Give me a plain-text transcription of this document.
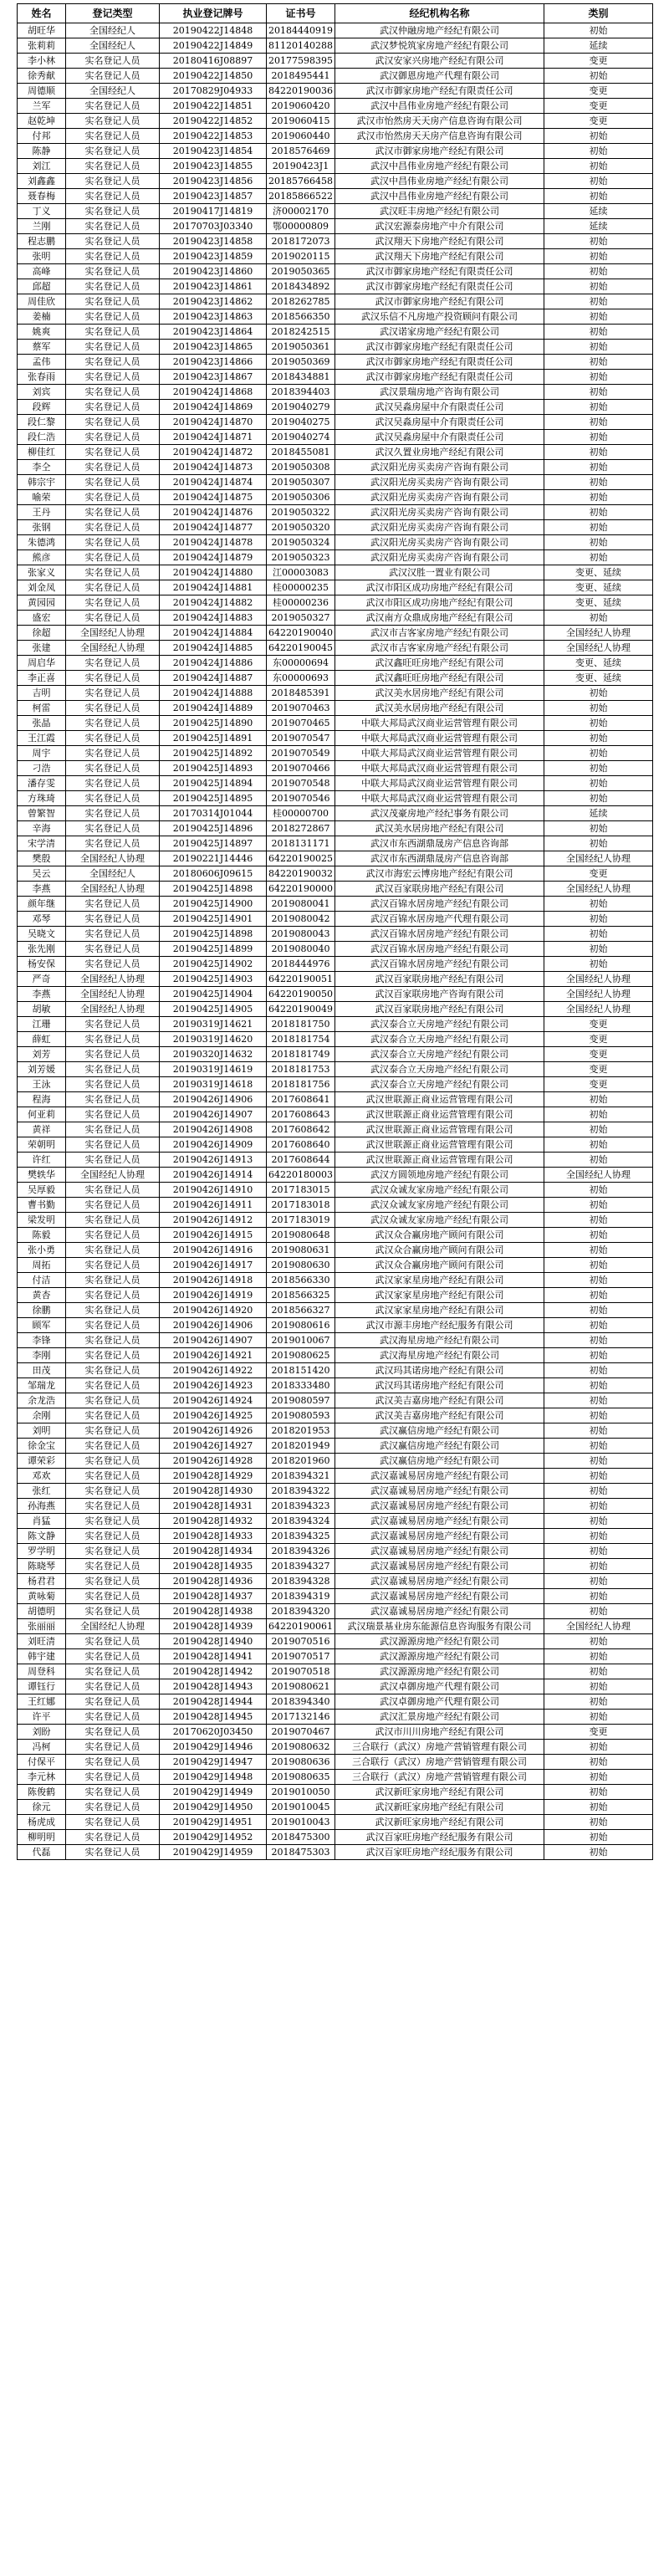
姓名	登记类型	执业登记牌号	证书号	经纪机构名称	类别
胡旺华	全国经纪人	20190422J14848	20184440919	武汉仲融房地产经纪有限公司	初始
张莉莉	全国经纪人	20190422J14849	81120140288	武汉梦悦筑家房地产经纪有限公司	延续
李小林	实名登记人员	20180416J08897	20177598395	武汉安家兴房地产经纪有限公司	变更
徐秀献	实名登记人员	20190422J14850	2018495441	武汉御恩房地产代理有限公司	初始
周德顺	全国经纪人	20170829J04933	84220190036	武汉市御家房地产经纪有限责任公司	变更
兰军	实名登记人员	20190422J14851	2019060420	武汉中昌伟业房地产经纪有限公司	变更
赵乾坤	实名登记人员	20190422J14852	2019060415	武汉市怡然房天天房产信息咨询有限公司	变更
付邦	实名登记人员	20190422J14853	2019060440	武汉市怡然房天天房产信息咨询有限公司	初始
陈静	实名登记人员	20190423J14854	2018576469	武汉市御家房地产经纪有限公司	初始
刘江	实名登记人员	20190423J14855	20190423J1	武汉中昌伟业房地产经纪有限公司	初始
刘鑫鑫	实名登记人员	20190423J14856	20185766458	武汉中昌伟业房地产经纪有限公司	初始
聂春梅	实名登记人员	20190423J14857	20185866522	武汉中昌伟业房地产经纪有限公司	初始
丁义	实名登记人员	20190417J14819	济00002170	武汉旺丰房地产经纪有限公司	延续
兰刚	实名登记人员	20170703J03340	鄂00000809	武汉宏源泰房地产中介有限公司	延续
程志鹏	实名登记人员	20190423J14858	2018172073	武汉翔天下房地产经纪有限公司	初始
张明	实名登记人员	20190423J14859	2019020115	武汉翔天下房地产经纪有限公司	初始
高峰	实名登记人员	20190423J14860	2019050365	武汉市御家房地产经纪有限责任公司	初始
邱超	实名登记人员	20190423J14861	2018434892	武汉市御家房地产经纪有限责任公司	初始
周佳欣	实名登记人员	20190423J14862	2018262785	武汉市御家房地产经纪有限公司	初始
姜楠	实名登记人员	20190423J14863	2018566350	武汉乐信不凡房地产投资顾问有限公司	初始
姚爽	实名登记人员	20190423J14864	2018242515	武汉诺家房地产经纪有限公司	初始
蔡军	实名登记人员	20190423J14865	2019050361	武汉市御家房地产经纪有限责任公司	初始
孟伟	实名登记人员	20190423J14866	2019050369	武汉市御家房地产经纪有限责任公司	初始
张春雨	实名登记人员	20190423J14867	2018434881	武汉市御家房地产经纪有限责任公司	初始
刘宾	实名登记人员	20190424J14868	2018394403	武汉景瑞房地产咨询有限公司	初始
段辉	实名登记人员	20190424J14869	2019040279	武汉吴淼房屋中介有限责任公司	初始
段仁黎	实名登记人员	20190424J14870	2019040275	武汉吴淼房屋中介有限责任公司	初始
段仁浩	实名登记人员	20190424J14871	2019040274	武汉吴淼房屋中介有限责任公司	初始
柳佳红	实名登记人员	20190424J14872	2018455081	武汉久置业房地产经纪有限公司	初始
李仝	实名登记人员	20190424J14873	2019050308	武汉阳光房买卖房产咨询有限公司	初始
韩宗宇	实名登记人员	20190424J14874	2019050307	武汉阳光房买卖房产咨询有限公司	初始
喻荣	实名登记人员	20190424J14875	2019050306	武汉阳光房买卖房产咨询有限公司	初始
王丹	实名登记人员	20190424J14876	2019050322	武汉阳光房买卖房产咨询有限公司	初始
张钢	实名登记人员	20190424J14877	2019050320	武汉阳光房买卖房产咨询有限公司	初始
朱德鸿	实名登记人员	20190424J14878	2019050324	武汉阳光房买卖房产咨询有限公司	初始
熊彦	实名登记人员	20190424J14879	2019050323	武汉阳光房买卖房产咨询有限公司	初始
张家义	实名登记人员	20190424J14880	江00003083	武汉汉胜一置业有限公司	变更、延续
刘金凤	实名登记人员	20190424J14881	桂00000235	武汉市阳区成功房地产经纪有限公司	变更、延续
黄园园	实名登记人员	20190424J14882	桂00000236	武汉市阳区成功房地产经纪有限公司	变更、延续
盛宏	实名登记人员	20190424J14883	2019050327	武汉南方众鼎成房地产经纪有限公司	初始
徐超	全国经纪人协理	20190424J14884	64220190040	武汉市吉客家房地产经纪有限公司	全国经纪人协理
张建	全国经纪人协理	20190424J14885	64220190045	武汉市吉客家房地产经纪有限公司	全国经纪人协理
周启华	实名登记人员	20190424J14886	东00000694	武汉鑫旺旺房地产经纪有限公司	变更、延续
李正喜	实名登记人员	20190424J14887	东00000693	武汉鑫旺旺房地产经纪有限公司	变更、延续
吉明	实名登记人员	20190424J14888	2018485391	武汉美水居房地产经纪有限公司	初始
柯雷	实名登记人员	20190424J14889	2019070463	武汉美水居房地产经纪有限公司	初始
张晶	实名登记人员	20190425J14890	2019070465	中联大邦局武汉商业运营管理有限公司	初始
王江霞	实名登记人员	20190425J14891	2019070547	中联大邦局武汉商业运营管理有限公司	初始
周宇	实名登记人员	20190425J14892	2019070549	中联大邦局武汉商业运营管理有限公司	初始
刁浩	实名登记人员	20190425J14893	2019070466	中联大邦局武汉商业运营管理有限公司	初始
潘存雯	实名登记人员	20190425J14894	2019070548	中联大邦局武汉商业运营管理有限公司	初始
方珠琦	实名登记人员	20190425J14895	2019070546	中联大邦局武汉商业运营管理有限公司	初始
曾繁智	实名登记人员	20170314J01044	桂00000700	武汉茂豪房地产经纪事务有限公司	延续
辛海	实名登记人员	20190425J14896	2018272867	武汉美水居房地产经纪有限公司	初始
宋学清	实名登记人员	20190425J14897	2018131171	武汉市东西湖鼎晟房产信息咨询部	初始
樊殷	全国经纪人协理	20190221J14446	64220190025	武汉市东西湖鼎晟房产信息咨询部	全国经纪人协理
吴云	全国经纪人	20180606J09615	84220190032	武汉市海宏云博房地产经纪有限公司	变更
李燕	全国经纪人协理	20190425J14898	64220190000	武汉百家联房地产经纪有限公司	全国经纪人协理
颜年继	实名登记人员	20190425J14900	2019080041	武汉百锦水居房地产经纪有限公司	初始
邓琴	实名登记人员	20190425J14901	2019080042	武汉百锦水居房地产代理有限公司	初始
吴晓文	实名登记人员	20190425J14898	2019080043	武汉百锦水居房地产经纪有限公司	初始
张先刚	实名登记人员	20190425J14899	2019080040	武汉百锦水居房地产经纪有限公司	初始
杨安保	实名登记人员	20190425J14902	2018444976	武汉百锦水居房地产经纪有限公司	初始
严奇	全国经纪人协理	20190425J14903	64220190051	武汉百家联房地产经纪有限公司	全国经纪人协理
李燕	全国经纪人协理	20190425J14904	64220190050	武汉百家联房地产咨询有限公司	全国经纪人协理
胡敏	全国经纪人协理	20190425J14905	64220190049	武汉百家联房地产经纪有限公司	全国经纪人协理
江珊	实名登记人员	20190319J14621	2018181750	武汉泰合立天房地产经纪有限公司	变更
薛虹	实名登记人员	20190319J14620	2018181754	武汉泰合立天房地产经纪有限公司	变更
刘芳	实名登记人员	20190320J14632	2018181749	武汉泰合立天房地产经纪有限公司	变更
刘芳媛	实名登记人员	20190319J14619	2018181753	武汉泰合立天房地产经纪有限公司	变更
王泳	实名登记人员	20190319J14618	2018181756	武汉泰合立天房地产经纪有限公司	变更
程海	实名登记人员	20190426J14906	2017608641	武汉世联源正商业运营管理有限公司	初始
何亚莉	实名登记人员	20190426J14907	2017608643	武汉世联源正商业运营管理有限公司	初始
黄祥	实名登记人员	20190426J14908	2017608642	武汉世联源正商业运营管理有限公司	初始
荣朝明	实名登记人员	20190426J14909	2017608640	武汉世联源正商业运营管理有限公司	初始
许红	实名登记人员	20190426J14913	2017608644	武汉世联源正商业运营管理有限公司	初始
樊轶华	全国经纪人协理	20190426J14914	64220180003	武汉方圆领地房地产经纪有限公司	全国经纪人协理
吴厚毅	实名登记人员	20190426J14910	2017183015	武汉众诚友家房地产经纪有限公司	初始
曹书勤	实名登记人员	20190426J14911	2017183018	武汉众诚友家房地产经纪有限公司	初始
梁发明	实名登记人员	20190426J14912	2017183019	武汉众诚友家房地产经纪有限公司	初始
陈毅	实名登记人员	20190426J14915	2019080648	武汉众合赢房地产顾问有限公司	初始
张小勇	实名登记人员	20190426J14916	2019080631	武汉众合赢房地产顾问有限公司	初始
周拓	实名登记人员	20190426J14917	2019080630	武汉众合赢房地产顾问有限公司	初始
付洁	实名登记人员	20190426J14918	2018566330	武汉家家星房地产经纪有限公司	初始
黄杏	实名登记人员	20190426J14919	2018566325	武汉家家星房地产经纪有限公司	初始
徐鹏	实名登记人员	20190426J14920	2018566327	武汉家家星房地产经纪有限公司	初始
顾军	实名登记人员	20190426J14906	2019080616	武汉市源丰房地产经纪服务有限公司	初始
李锋	实名登记人员	20190426J14907	2019010067	武汉海星房地产经纪有限公司	初始
李刚	实名登记人员	20190426J14921	2019080625	武汉海星房地产经纪有限公司	初始
田茂	实名登记人员	20190426J14922	2018151420	武汉玛其诺房地产经纪有限公司	初始
邹瑞龙	实名登记人员	20190426J14923	2018333480	武汉玛其诺房地产经纪有限公司	初始
余龙浩	实名登记人员	20190426J14924	2019080597	武汉美吉嘉房地产经纪有限公司	初始
余刚	实名登记人员	20190426J14925	2019080593	武汉美吉嘉房地产经纪有限公司	初始
刘明	实名登记人员	20190426J14926	2018201953	武汉赢信房地产经纪有限公司	初始
徐金宝	实名登记人员	20190426J14927	2018201949	武汉赢信房地产经纪有限公司	初始
谭荣彩	实名登记人员	20190426J14928	2018201960	武汉赢信房地产经纪有限公司	初始
邓欢	实名登记人员	20190428J14929	2018394321	武汉嘉诚易居房地产经纪有限公司	初始
张红	实名登记人员	20190428J14930	2018394322	武汉嘉诚易居房地产经纪有限公司	初始
孙海燕	实名登记人员	20190428J14931	2018394323	武汉嘉诚易居房地产经纪有限公司	初始
肖猛	实名登记人员	20190428J14932	2018394324	武汉嘉诚易居房地产经纪有限公司	初始
陈文静	实名登记人员	20190428J14933	2018394325	武汉嘉诚易居房地产经纪有限公司	初始
罗学明	实名登记人员	20190428J14934	2018394326	武汉嘉诚易居房地产经纪有限公司	初始
陈晓琴	实名登记人员	20190428J14935	2018394327	武汉嘉诚易居房地产经纪有限公司	初始
杨君君	实名登记人员	20190428J14936	2018394328	武汉嘉诚易居房地产经纪有限公司	初始
黄咏菊	实名登记人员	20190428J14937	2018394319	武汉嘉诚易居房地产经纪有限公司	初始
胡德明	实名登记人员	20190428J14938	2018394320	武汉嘉诚易居房地产经纪有限公司	初始
张丽丽	全国经纪人协理	20190428J14939	64220190061	武汉瑞景基业房东能源信息咨询服务有限公司	全国经纪人协理
刘旺清	实名登记人员	20190428J14940	2019070516	武汉源源房地产经纪有限公司	初始
韩宇建	实名登记人员	20190428J14941	2019070517	武汉源源房地产经纪有限公司	初始
周登科	实名登记人员	20190428J14942	2019070518	武汉源源房地产经纪有限公司	初始
谭钰行	实名登记人员	20190428J14943	2019080621	武汉卓御房地产代理有限公司	初始
王红娜	实名登记人员	20190428J14944	2018394340	武汉卓御房地产代理有限公司	初始
许平	实名登记人员	20190428J14945	2017132146	武汉汇景房地产经纪有限公司	初始
刘盼	实名登记人员	20170620J03450	2019070467	武汉市川川房地产经纪有限公司	变更
冯柯	实名登记人员	20190429J14946	2019080632	三合联行（武汉）房地产营销管理有限公司	初始
付保平	实名登记人员	20190429J14947	2019080636	三合联行（武汉）房地产营销管理有限公司	初始
李元林	实名登记人员	20190429J14948	2019080635	三合联行（武汉）房地产营销管理有限公司	初始
陈俊鹤	实名登记人员	20190429J14949	2019010050	武汉新旺家房地产经纪有限公司	初始
徐元	实名登记人员	20190429J14950	2019010045	武汉新旺家房地产经纪有限公司	初始
杨虎成	实名登记人员	20190429J14951	2019010043	武汉新旺家房地产经纪有限公司	初始
柳明明	实名登记人员	20190429J14952	2018475300	武汉百家旺房地产经纪服务有限公司	初始
代磊	实名登记人员	20190429J14959	2018475303	武汉百家旺房地产经纪服务有限公司	初始
